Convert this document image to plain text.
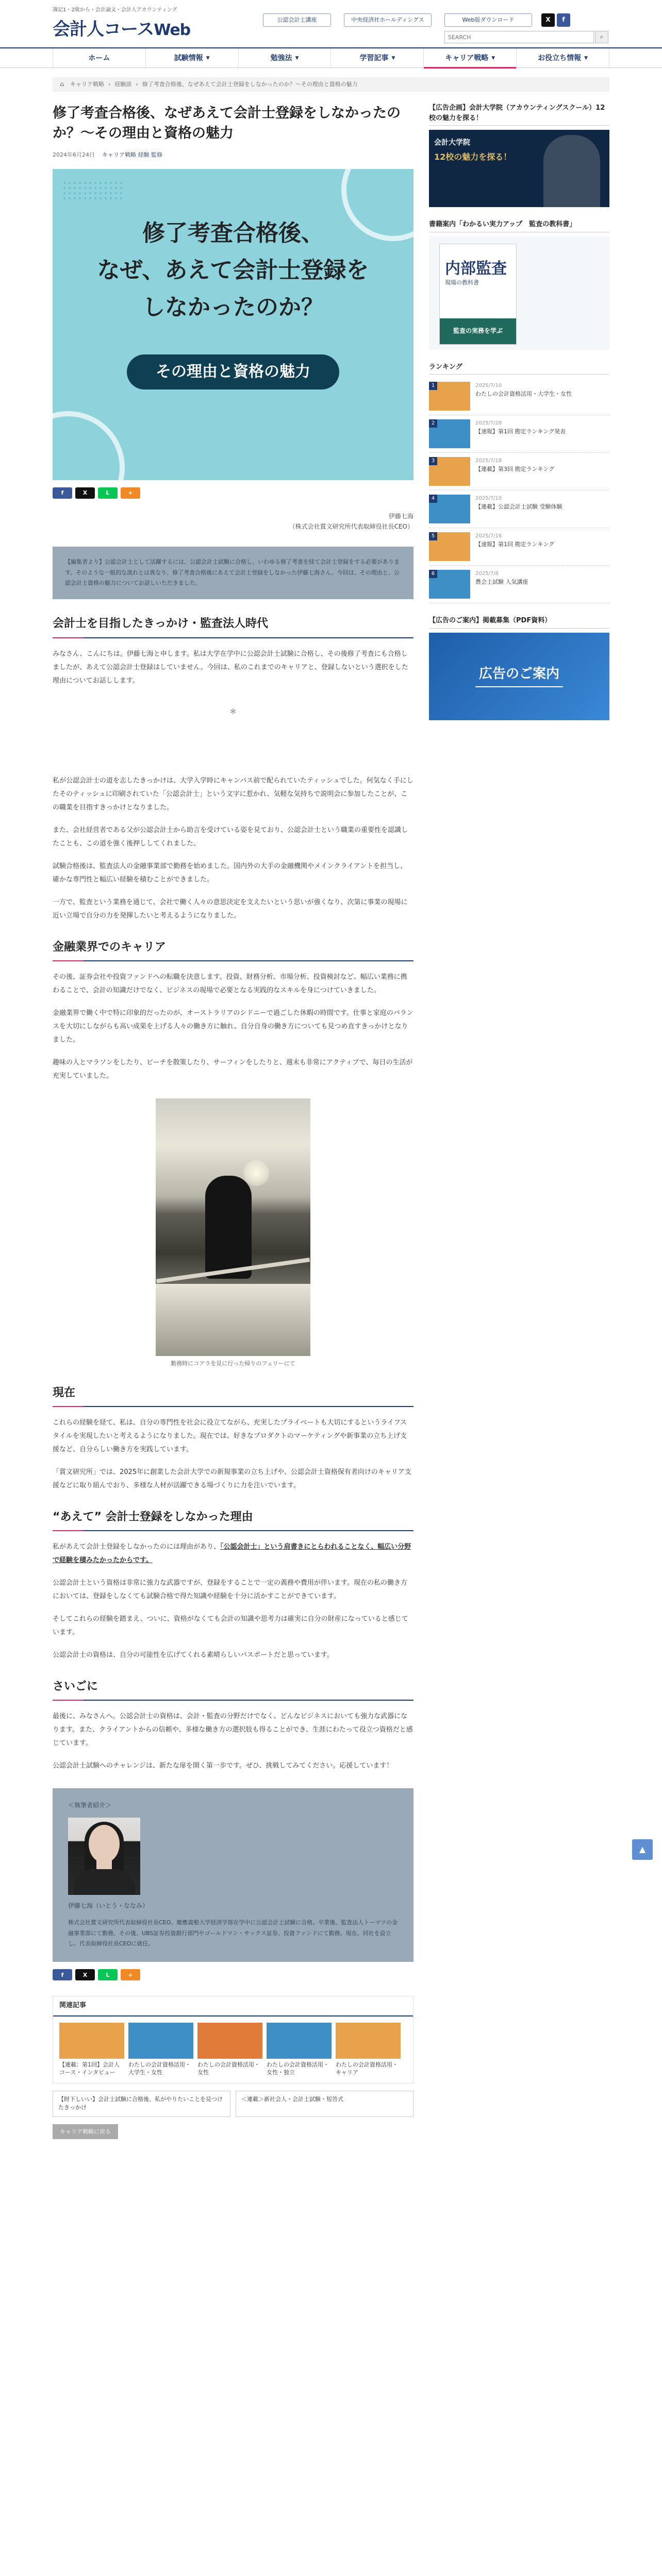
簿記1・2級から・会計論文・会計人アカウンティング
会計人コースWeb
公認会計士講座	中央経済社ホールディングス	Web版ダウンロード	X	f
SEARCH
⌕
ホーム	試験情報 ▼	勉強法 ▼	学習記事 ▼	キャリア戦略 ▼	お役立ち情報 ▼
⌂	キャリア戦略 › 経験談 › 修了考査合格後、なぜあえて会計士登録をしなかったのか？〜その理由と資格の魅力
修了考査合格後、なぜあえて会計士登録をしなかったのか？〜その理由と資格の魅力
2024年6月24日 キャリア戦略 経験 監修
修了考査合格後、
なぜ、あえて会計士登録を
しなかったのか？
その理由と資格の魅力
f	X	L	+
伊藤七海
（株式会社賞文研究所代表取締役社長CEO）
【編集者より】公認会計士として活躍するには、公認会計士試験に合格し、いわゆる修了考査を経て会計士登録をする必要があります。そのような一般的な流れとは異なり、修了考査合格後にあえて会計士登録をしなかった伊藤七海さん。今回は、その理由と、公認会計士資格の魅力についてお話しいただきました。
会計士を目指したきっかけ・監査法人時代

みなさん、こんにちは。伊藤七海と申します。私は大学在学中に公認会計士試験に合格し、その後修了考査にも合格しましたが、あえて公認会計士登録はしていません。今回は、私のこれまでのキャリアと、登録しないという選択をした理由についてお話しします。

＊

私が公認会計士の道を志したきっかけは、大学入学時にキャンパス前で配られていたティッシュでした。何気なく手にしたそのティッシュに印刷されていた「公認会計士」という文字に惹かれ、気軽な気持ちで説明会に参加したことが、この職業を目指すきっかけとなりました。

また、会社経営者である父が公認会計士から助言を受けている姿を見ており、公認会計士という職業の重要性を認識したことも、この道を強く後押ししてくれました。

試験合格後は、監査法人の金融事業部で勤務を始めました。国内外の大手の金融機関やメインクライアントを担当し、確かな専門性と幅広い経験を積むことができました。

一方で、監査という業務を通じて、会社で働く人々の意思決定を支えたいという思いが強くなり、次第に事業の現場に近い立場で自分の力を発揮したいと考えるようになりました。

金融業界でのキャリア

その後、証券会社や投資ファンドへの転職を決意します。投資、財務分析、市場分析、投資検討など、幅広い業務に携わることで、会計の知識だけでなく、ビジネスの現場で必要となる実践的なスキルを身につけていきました。

金融業界で働く中で特に印象的だったのが、オーストラリアのシドニーで過ごした休暇の時間です。仕事と家庭のバランスを大切にしながらも高い成果を上げる人々の働き方に触れ、自分自身の働き方についても見つめ直すきっかけとなりました。

趣味の人とマラソンをしたり、ビーチを散策したり、サーフィンをしたりと、週末も非常にアクティブで、毎日の生活が充実していました。

勤務時にコアラを見に行った帰りのフェリーにて
現在

これらの経験を経て、私は、自分の専門性を社会に役立てながら、充実したプライベートも大切にするというライフスタイルを実現したいと考えるようになりました。現在では、好きなプロダクトのマーケティングや新事業の立ち上げ支援など、自分らしい働き方を実践しています。

「賞文研究所」では、2025年に創業した会計大学での新規事業の立ち上げや、公認会計士資格保有者向けのキャリア支援などに取り組んでおり、多様な人材が活躍できる場づくりに力を注いでいます。

“あえて” 会計士登録をしなかった理由

私があえて会計士登録をしなかったのには理由があり、「公認会計士」という肩書きにとらわれることなく、幅広い分野で経験を積みたかったからです。

公認会計士という資格は非常に強力な武器ですが、登録をすることで一定の義務や費用が伴います。現在の私の働き方においては、登録をしなくても試験合格で得た知識や経験を十分に活かすことができています。

そしてこれらの経験を踏まえ、ついに、資格がなくても会計の知識や思考力は確実に自分の財産になっていると感じています。

公認会計士の資格は、自分の可能性を広げてくれる素晴らしいパスポートだと思っています。

さいごに

最後に、みなさんへ。公認会計士の資格は、会計・監査の分野だけでなく、どんなビジネスにおいても強力な武器になります。また、クライアントからの信頼や、多様な働き方の選択肢も得ることができ、生涯にわたって役立つ資格だと感じています。

公認会計士試験へのチャレンジは、新たな扉を開く第一歩です。ぜひ、挑戦してみてください。応援しています！

＜執筆者紹介＞
伊藤七海（いとう・ななみ）
株式会社賞文研究所代表取締役社長CEO。慶應義塾大学経済学部在学中に公認会計士試験に合格。卒業後、監査法人トーマツの金融事業部にて勤務。その後、UBS証券投資銀行部門やゴールドマン・サックス証券、投資ファンドにて勤務。現在、同社を設立し、代表取締役社長CEOに就任。
f	X	L	+
関連記事
【連載：第1回】会計人コース・インタビュー
わたしの会計資格活用・大学生・女性
わたしの会計資格活用・女性
わたしの会計資格活用・女性・独立
わたしの会計資格活用・キャリア
【財下しいい】会計士試験に合格後、私がやりたいことを見つけたきっかけ
＜連載＞新社会人・会計士試験・短答式
キャリア戦略に戻る
【広告企画】会計大学院（アカウンティングスクール）12校の魅力を探る！
会計大学院
12校の魅力を探る！
書籍案内「わかるい実力アップ　監査の教科書」
内部監査
現場の教科書
監査の実務を学ぶ
ランキング
1	2025/7/10
わたしの会計資格活用・大学生・女性
2	2025/7/28
【速報】第1回 勘定ランキング発表
3	2025/7/18
【連載】第3回 勘定ランキング
4	2025/7/10
【連載】公認会計士試験 受験体験
5	2025/7/16
【速報】第1回 勘定ランキング
6	2025/7/8
農会士試験 人気講座
【広告のご案内】掲載募集（PDF資料）
広告のご案内
▲
